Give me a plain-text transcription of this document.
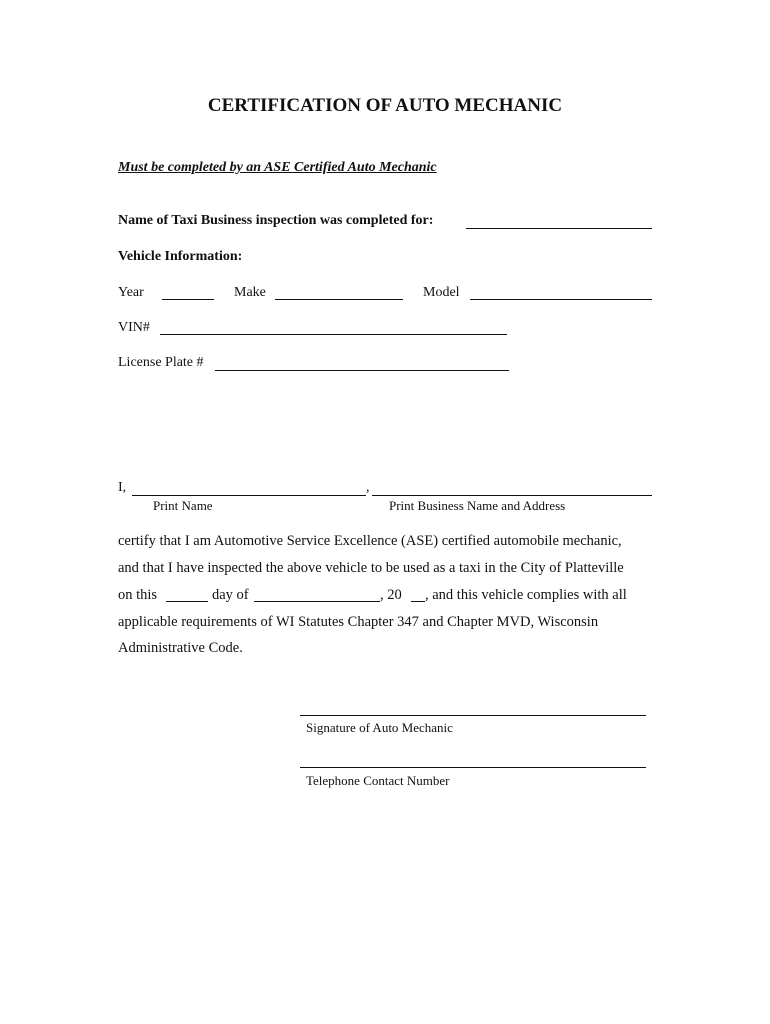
CERTIFICATION OF AUTO MECHANIC
Must be completed by an ASE Certified Auto Mechanic
Name of Taxi Business inspection was completed for:
Vehicle Information:
Year	Make	Model
VIN#
License Plate #
I,	,
Print Name	Print Business Name and Address
certify that I am Automotive Service Excellence (ASE) certified automobile mechanic,
and that I have inspected the above vehicle to be used as a taxi in the City of Platteville
on this	day of	, 20 , and this vehicle complies with all
applicable requirements of WI Statutes Chapter 347 and Chapter MVD, Wisconsin
Administrative Code.
Signature of Auto Mechanic
Telephone Contact Number
